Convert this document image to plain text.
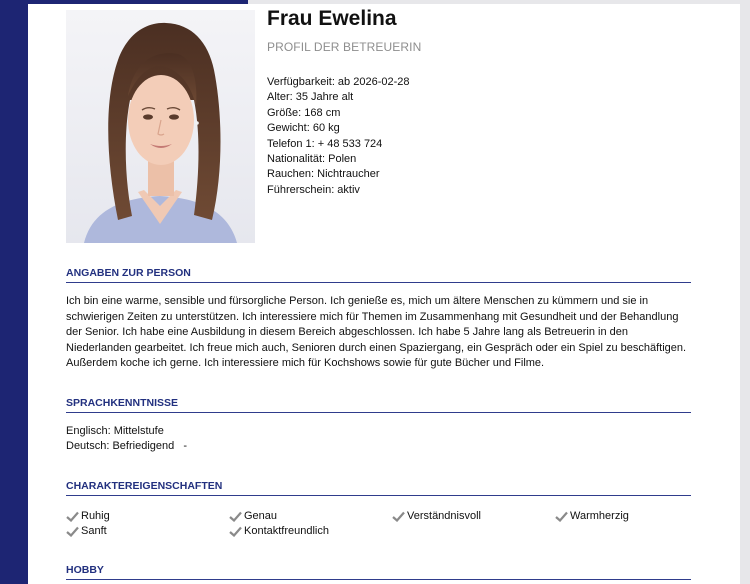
Frau Ewelina
PROFIL DER BETREUERIN
Verfügbarkeit: ab 2026-02-28
Alter: 35 Jahre alt
Größe: 168 cm
Gewicht: 60 kg
Telefon 1: + 48 533 724
Nationalität: Polen
Rauchen: Nichtraucher
Führerschein: aktiv
ANGABEN ZUR PERSON

Ich bin eine warme, sensible und fürsorgliche Person. Ich genieße es, mich um ältere Menschen zu kümmern und sie in schwierigen Zeiten zu unterstützen. Ich interessiere mich für Themen im Zusammenhang mit Gesundheit und der Behandlung der Senior. Ich habe eine Ausbildung in diesem Bereich abgeschlossen. Ich habe 5 Jahre lang als Betreuerin in den Niederlanden gearbeitet. Ich freue mich auch, Senioren durch einen Spaziergang, ein Gespräch oder ein Spiel zu beschäftigen. Außerdem koche ich gerne. Ich interessiere mich für Kochshows sowie für gute Bücher und Filme.

SPRACHKENNTNISSE
Englisch: Mittelstufe
Deutsch: Befriedigend   -
CHARAKTEREIGENSCHAFTEN
Ruhig	Genau	Verständnisvoll	Warmherzig
Sanft	Kontaktfreundlich
HOBBY
